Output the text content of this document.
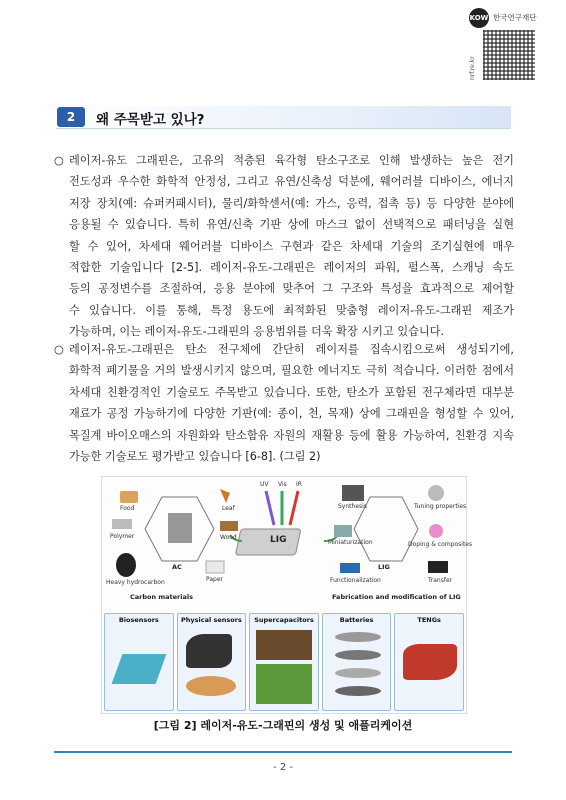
KOW 한국연구재단
nrf.re.kr
2	왜 주목받고 있나?
○ 레이저-유도 그래핀은, 고유의 적층된 육각형 탄소구조로 인해 발생하는 높은 전기
전도성과 우수한 화학적 안정성, 그리고 유연/신축성 덕분에, 웨어러블 디바이스, 에너지
저장 장치(예: 슈퍼커패시터), 물리/화학센서(예: 가스, 응력, 접촉 등) 등 다양한 분야에
응용될 수 있습니다. 특히 유연/신축 기판 상에 마스크 없이 선택적으로 패터닝을 실현
할 수 있어, 차세대 웨어러블 디바이스 구현과 같은 차세대 기술의 조기실현에 매우
적합한 기술입니다 [2-5]. 레이저-유도-그래핀은 레이저의 파워, 펄스폭, 스캐닝 속도
등의 공정변수를 조절하여, 응용 분야에 맞추어 그 구조와 특성을 효과적으로 제어할
수 있습니다. 이를 통해, 특정 용도에 최적화된 맞춤형 레이저-유도-그래핀 제조가
가능하며, 이는 레이저-유도-그래핀의 응용범위를 더욱 확장 시키고 있습니다.
○ 레이저-유도-그래핀은 탄소 전구체에 간단히 레이저를 집속시킴으로써 생성되기에,
화학적 폐기물을 거의 발생시키지 않으며, 필요한 에너지도 극히 적습니다. 이러한 점에서
차세대 친환경적인 기술로도 주목받고 있습니다. 또한, 탄소가 포함된 전구체라면 대부분
재료가 공정 가능하기에 다양한 기판(예: 종이, 천, 목재) 상에 그래핀을 형성할 수 있어,
목질계 바이오매스의 자원화와 탄소함유 자원의 재활용 등에 활용 가능하여, 친환경 지속
가능한 기술로도 평가받고 있습니다 [6-8]. (그림 2)
Food	Leaf
Polymer	Wood
AC
Heavy hydrocarbon	Paper
Carbon materials
UV Vis IR
LIG
Synthesis	Tuning properties
Miniaturization
LIG
Doping & composites
Functionalization	Transfer
Fabrication and modification of LIG
Biosensors	Physical sensors	Supercapacitors	Batteries	TENGs
[그림 2] 레이저-유도-그래핀의 생성 및 애플리케이션
- 2 -
